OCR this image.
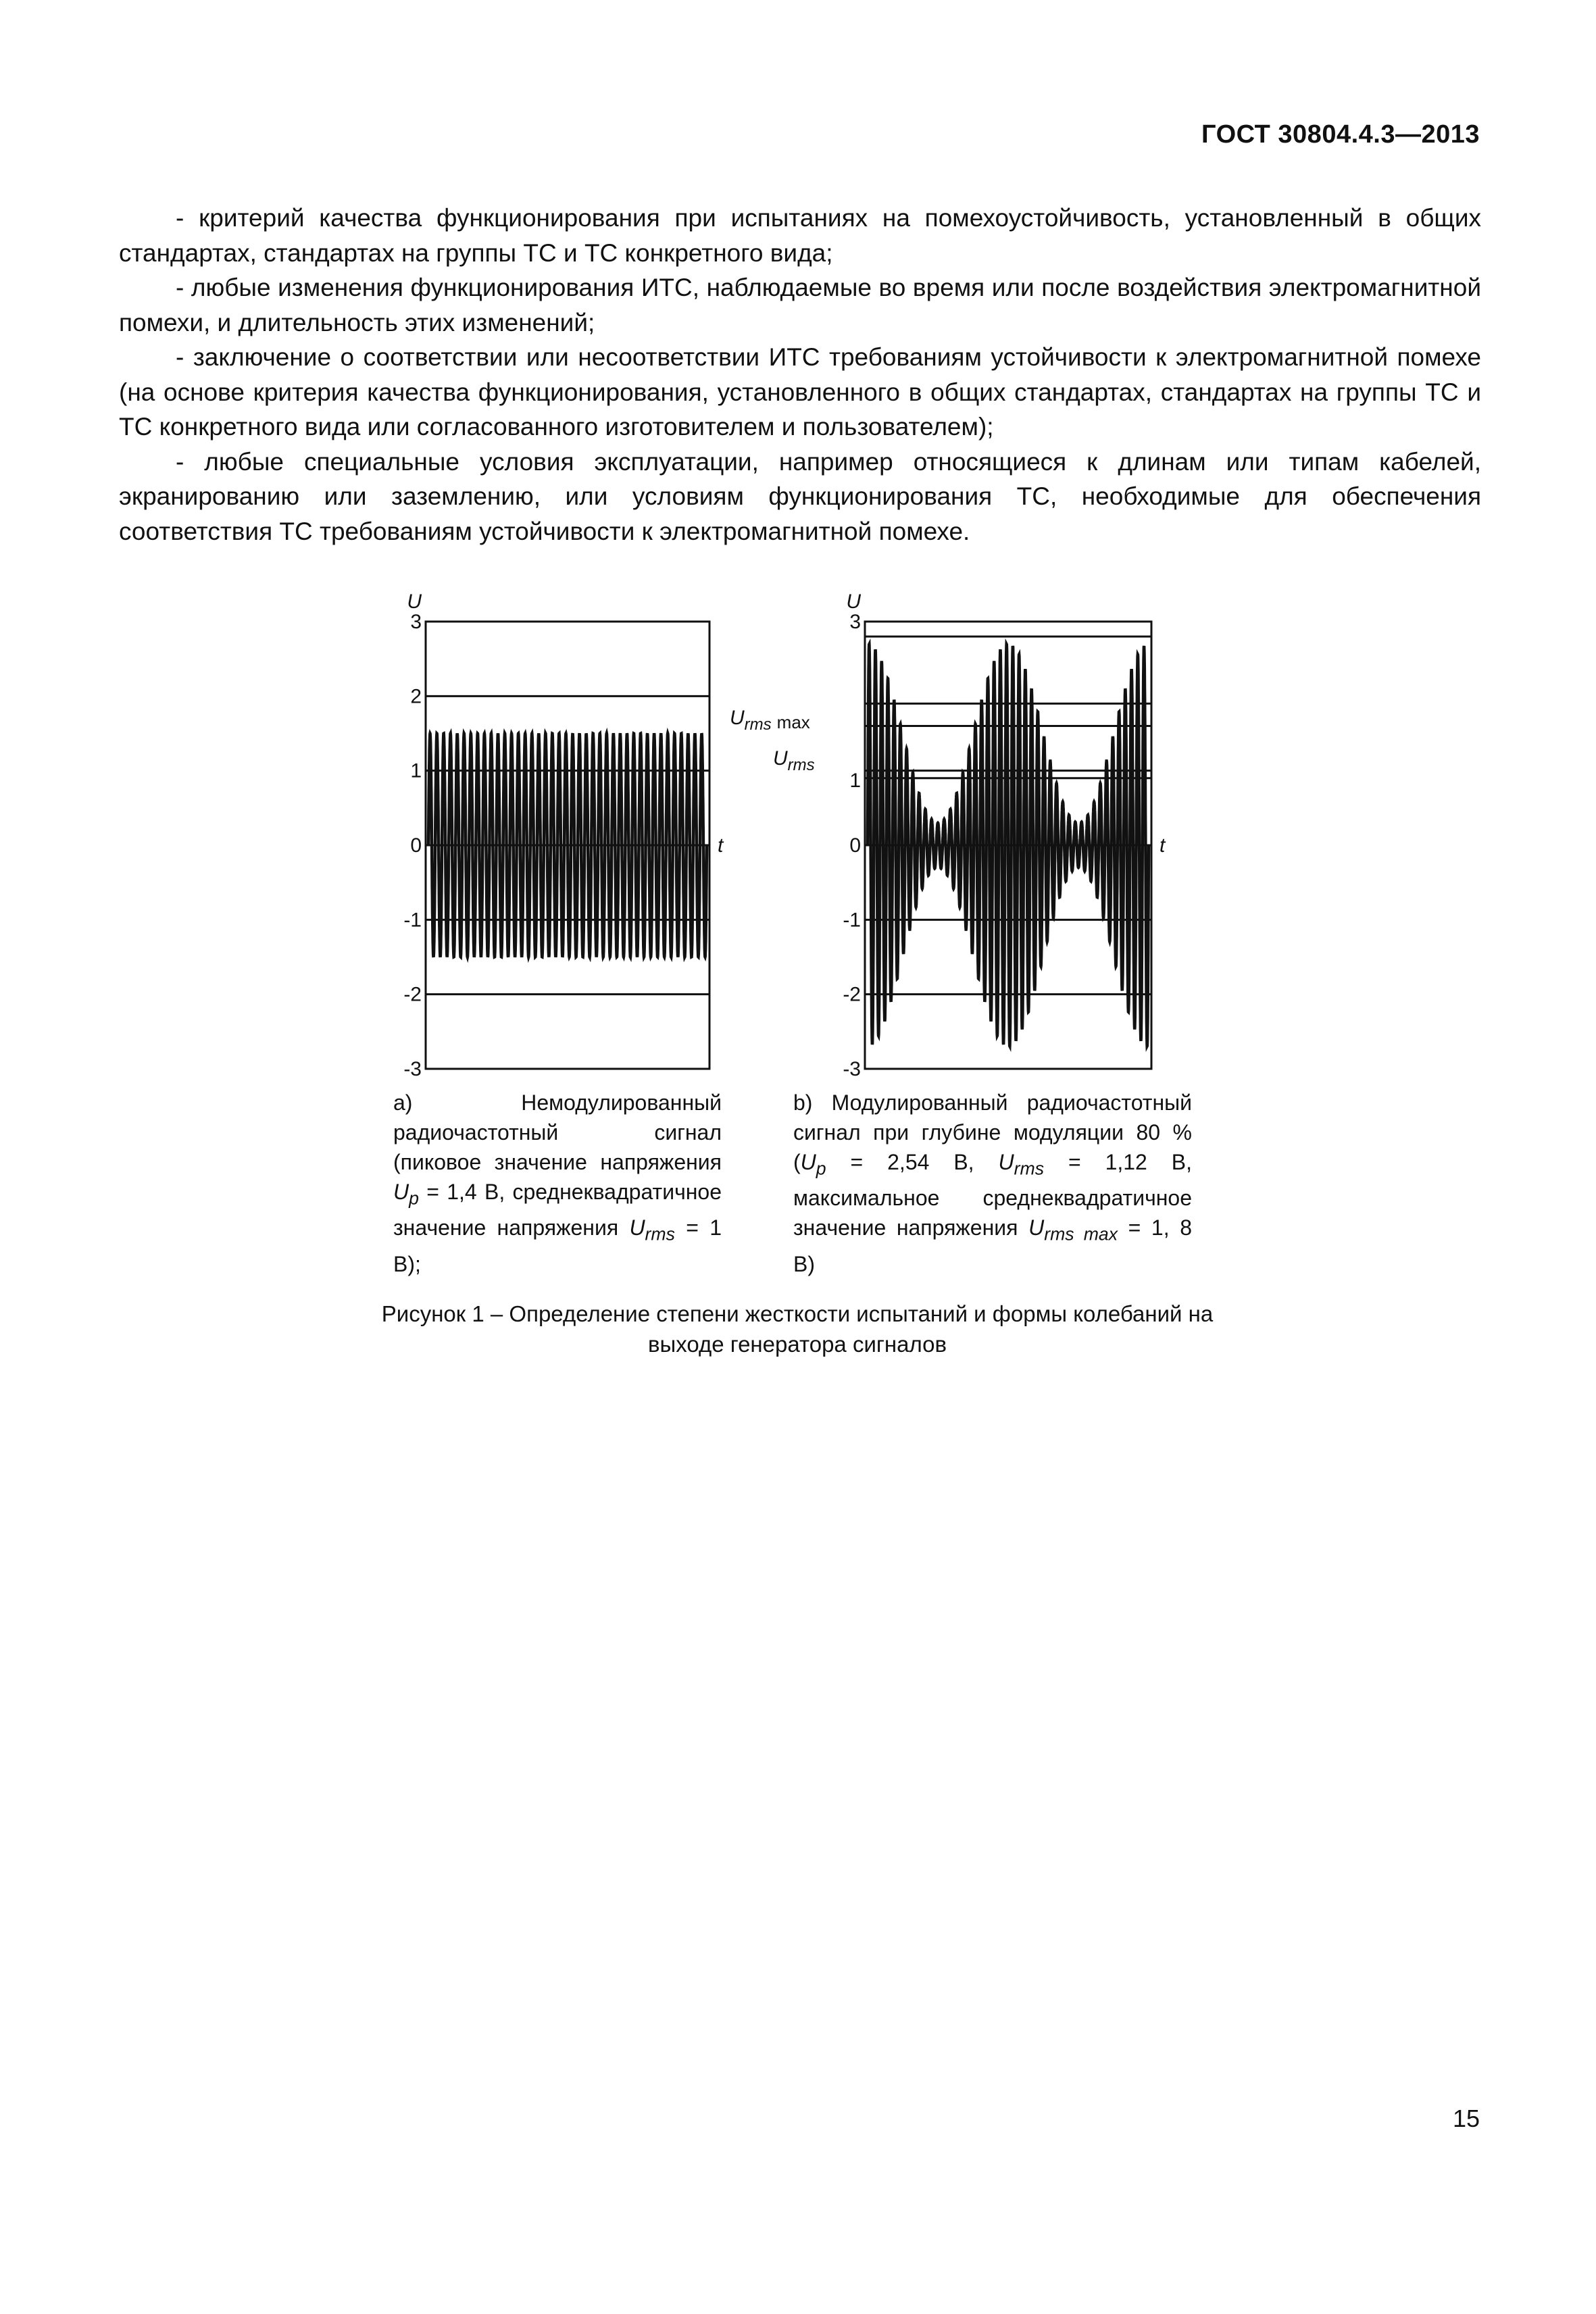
ГОСТ 30804.4.3—2013

- критерий качества функционирования при испытаниях на помехоустойчивость, установленный в общих стандартах, стандартах на группы ТС и ТС конкретного вида;

- любые изменения функционирования ИТС, наблюдаемые во время или после воздействия электромагнитной помехи, и длительность этих изменений;

- заключение о соответствии или несоответствии ИТС требованиям устойчивости к электромагнитной помехе (на основе критерия качества функционирования, установленного в общих стандартах, стандартах на группы ТС и ТС конкретного вида или согласованного изготовителем и пользователем);

- любые специальные условия эксплуатации, например относящиеся к длинам или типам кабелей, экранированию или заземлению, или условиям функционирования ТС, необходимые для обеспечения соответствия ТС требованиям устойчивости к электромагнитной помехе.

3
2
1
0
-1
-2
-3
U
t
3
0
-1
-2
-3
U
t
$U_{rms}$ max
$U_{rms}$
1
а) Немодулированный радиочастотный сигнал (пиковое значение напряжения $U_p = 1,4$ В, среднеквадратичное значение напряжения $U_{rms} = 1$ В);
b) Модулированный радиочастотный сигнал при глубине модуляции 80 % ($U_p = 2,54$ В, $U_{rms} = 1,12$ В, максимальное среднеквадратичное значение напряжения $U_{rms max} = 1$, 8 В)
Рисунок 1 – Определение степени жесткости испытаний и формы колебаний на выходе генератора сигналов
15
